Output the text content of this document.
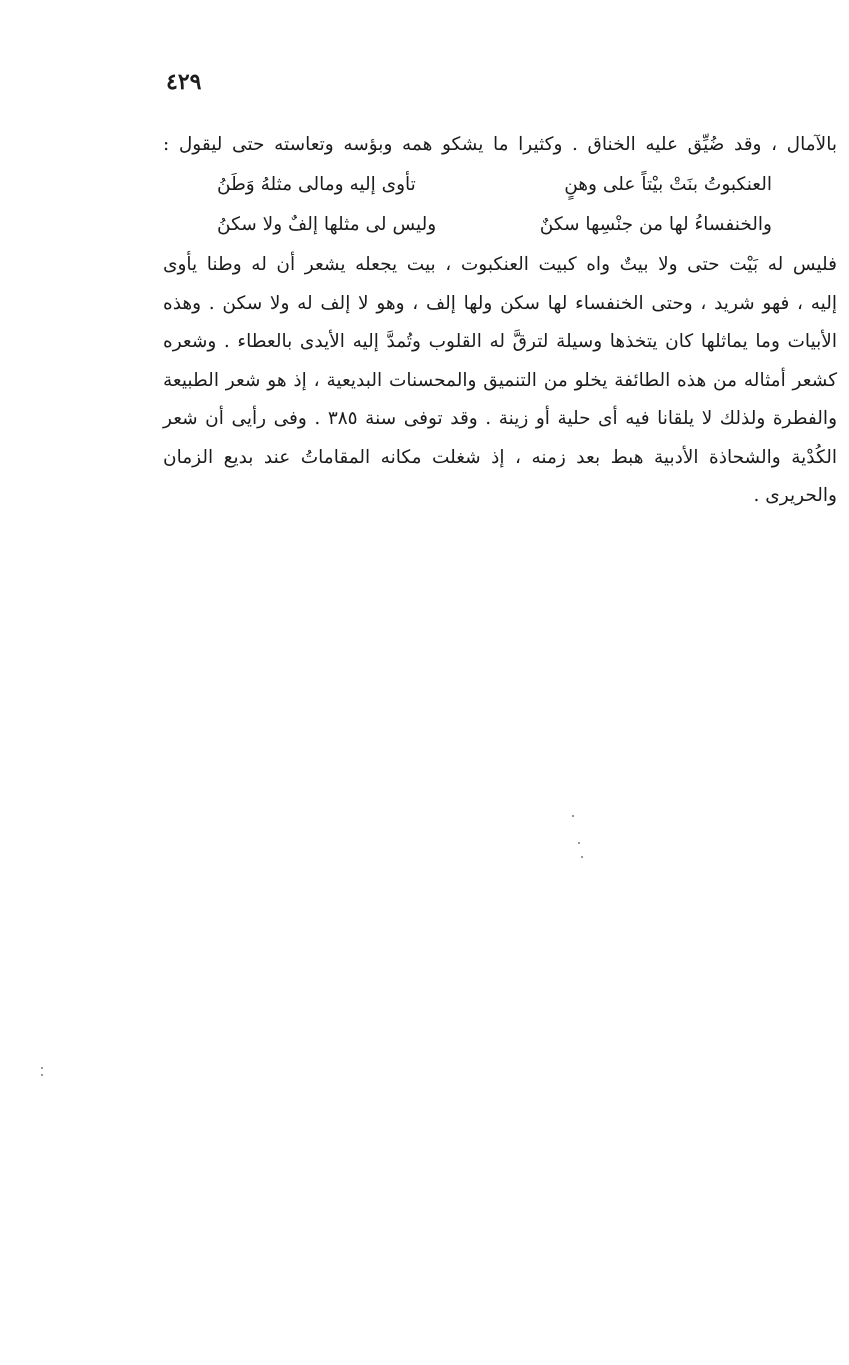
٤٢٩
بالآمال ، وقد ضُيِّق عليه الخناق . وكثيرا ما يشكو همه وبؤسه وتعاسته حتى ليقول :
العنكبوتُ بنَتْ بيْتاً على وهنٍ
تأوى إليه ومالى مثلهُ وَطَنُ
والخنفساءُ لها من جنْسِها سكنٌ
وليس لى مثلها إلفٌ ولا سكنُ
فليس له بَيْت حتى ولا بيتٌ واه كبيت العنكبوت ، بيت يجعله يشعر أن له وطنا يأوى
إليه ، فهو شريد ، وحتى الخنفساء لها سكن ولها إلف ، وهو لا إلف له ولا سكن . وهذه
الأبيات وما يماثلها كان يتخذها وسيلة لترقَّ له القلوب وتُمدَّ إليه الأيدى بالعطاء . وشعره
كشعر أمثاله من هذه الطائفة يخلو من التنميق والمحسنات البديعية ، إذ هو شعر الطبيعة
والفطرة ولذلك لا يلقانا فيه أى حلية أو زينة . وقد توفى سنة ٣٨٥ . وفى رأيى أن شعر
الكُدْية والشحاذة الأدبية هبط بعد زمنه ، إذ شغلت مكانه المقاماتُ عند بديع الزمان
والحريرى .
